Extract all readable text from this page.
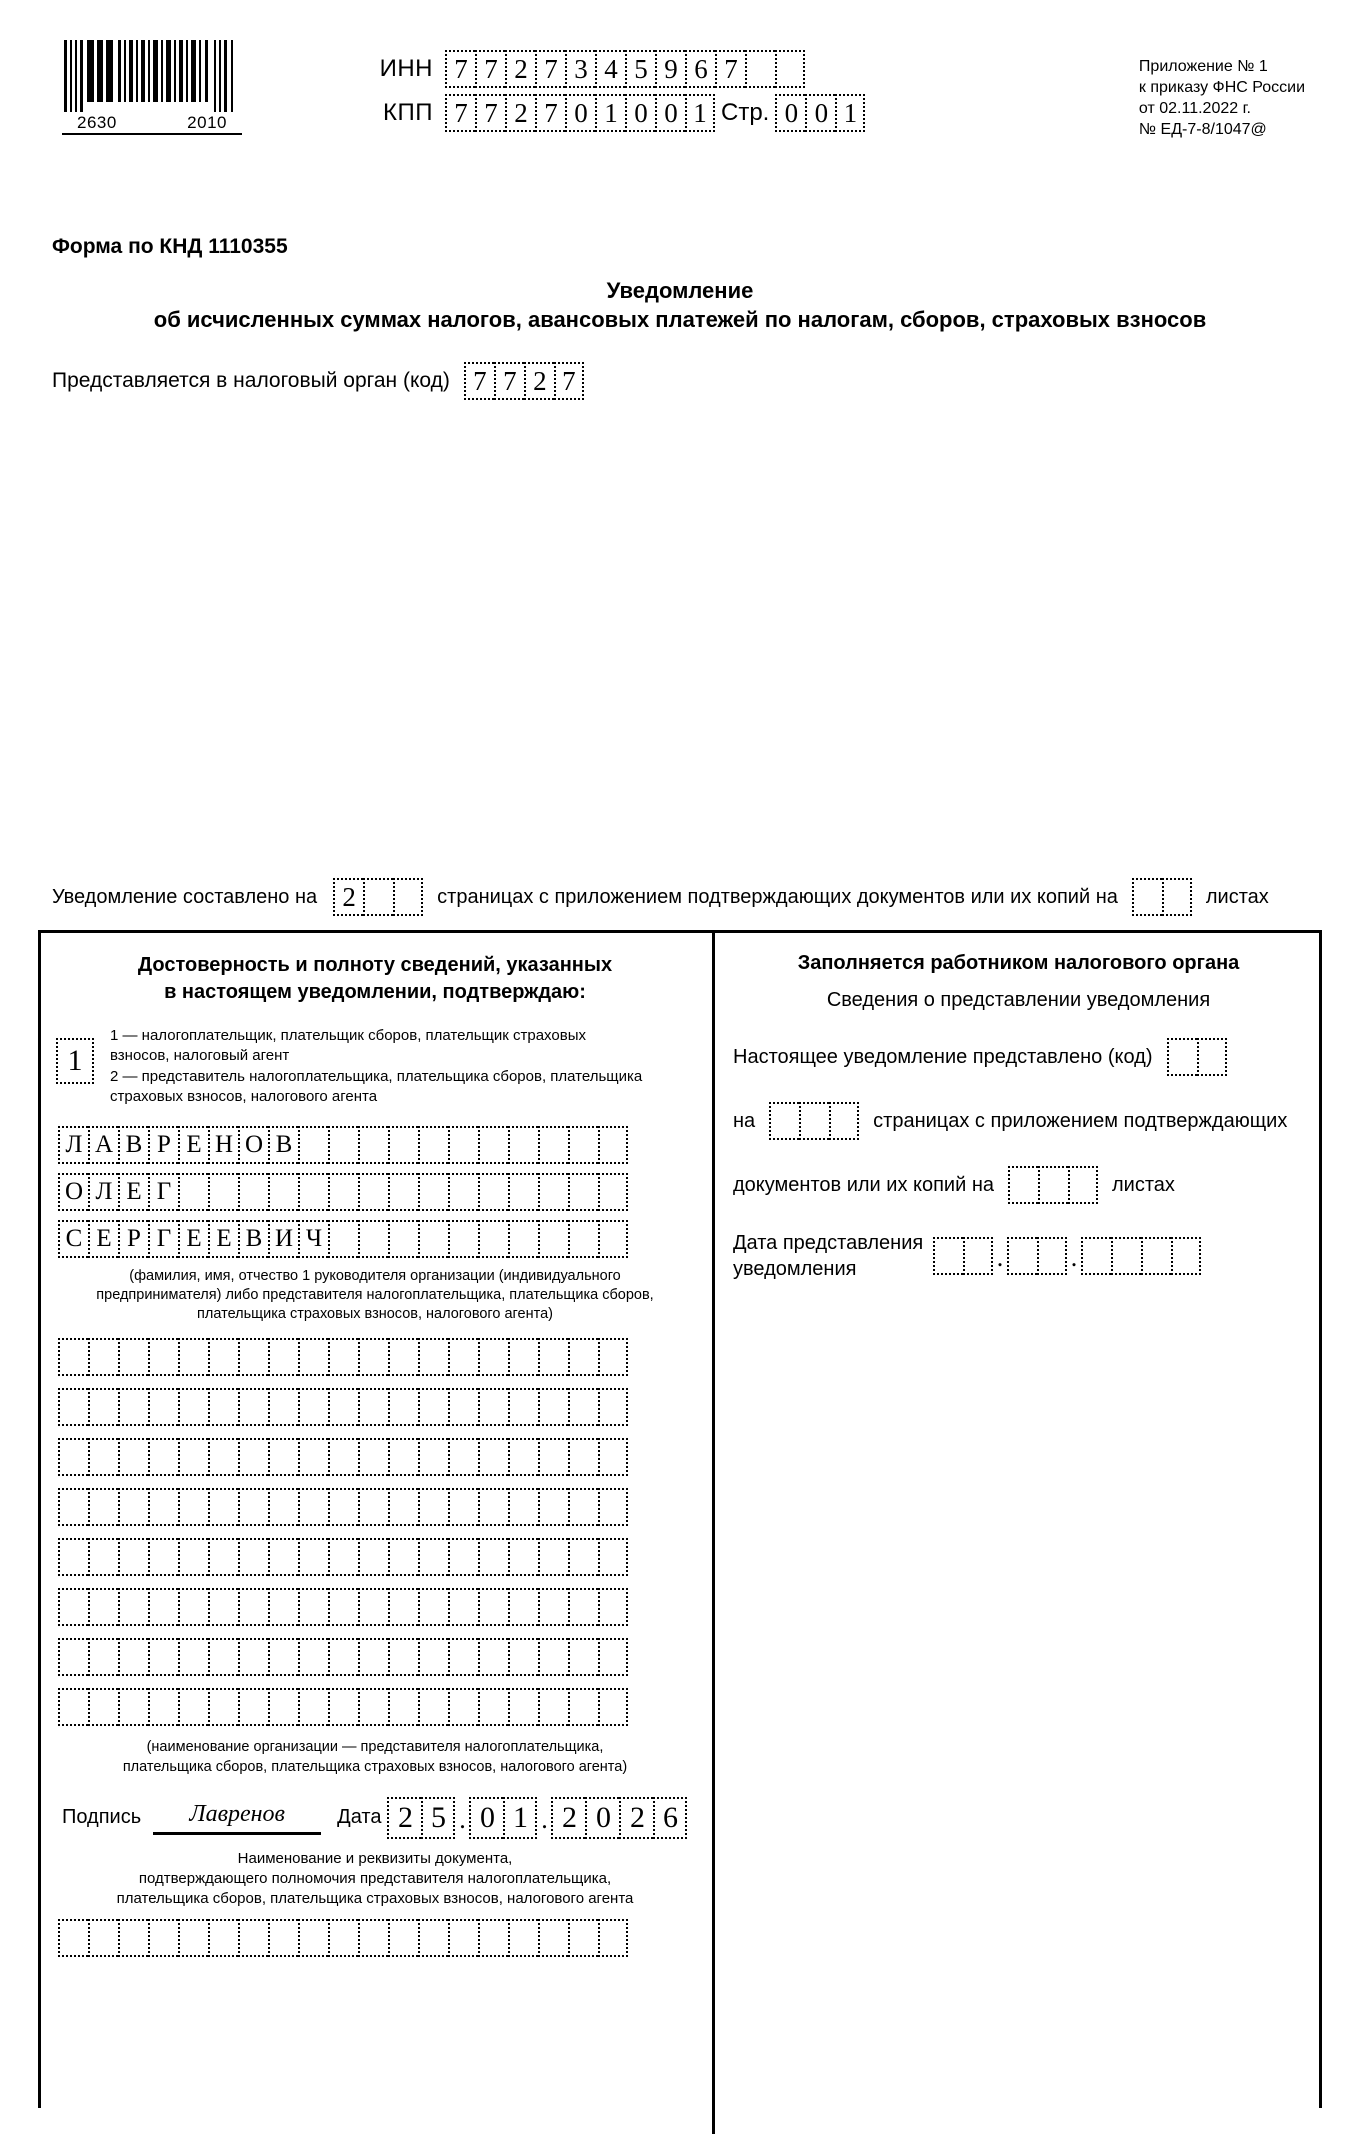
2630	2010
ИНН 7 7 2 7 3 4 5 9 6 7
КПП 7 7 2 7 0 1 0 0 1 Стр. 0 0 1
Приложение № 1
к приказу ФНС России
от 02.11.2022 г.
№ ЕД-7-8/1047@
Форма по КНД 1110355
Уведомление
об исчисленных суммах налогов, авансовых платежей по налогам, сборов, страховых взносов
Представляется в налоговый орган (код) 7 7 2 7
Уведомление составлено на 2	страницах с приложением подтверждающих документов или их копий на	листах
Достоверность и полноту сведений, указанных
в настоящем уведомлении, подтверждаю:
1
1 — налогоплательщик, плательщик сборов, плательщик страховых
взносов, налоговый агент
2 — представитель налогоплательщика, плательщика сборов, плательщика
страховых взносов, налогового агента
Л А В Р Е Н О В
О Л Е Г
С Е Р Г Е Е В И Ч
(фамилия, имя, отчество 1 руководителя организации (индивидуального
предпринимателя) либо представителя налогоплательщика, плательщика сборов,
плательщика страховых взносов, налогового агента)
(наименование организации — представителя налогоплательщика,
плательщика сборов, плательщика страховых взносов, налогового агента)
Подпись	Лавренов	Дата 2 5 . 0 1 . 2 0 2 6
Наименование и реквизиты документа,
подтверждающего полномочия представителя налогоплательщика,
плательщика сборов, плательщика страховых взносов, налогового агента
Заполняется работником налогового органа
Сведения о представлении уведомления
Настоящее уведомление представлено (код)
на	страницах с приложением подтверждающих
документов или их копий на	листах
Дата представления
уведомления	.	.
